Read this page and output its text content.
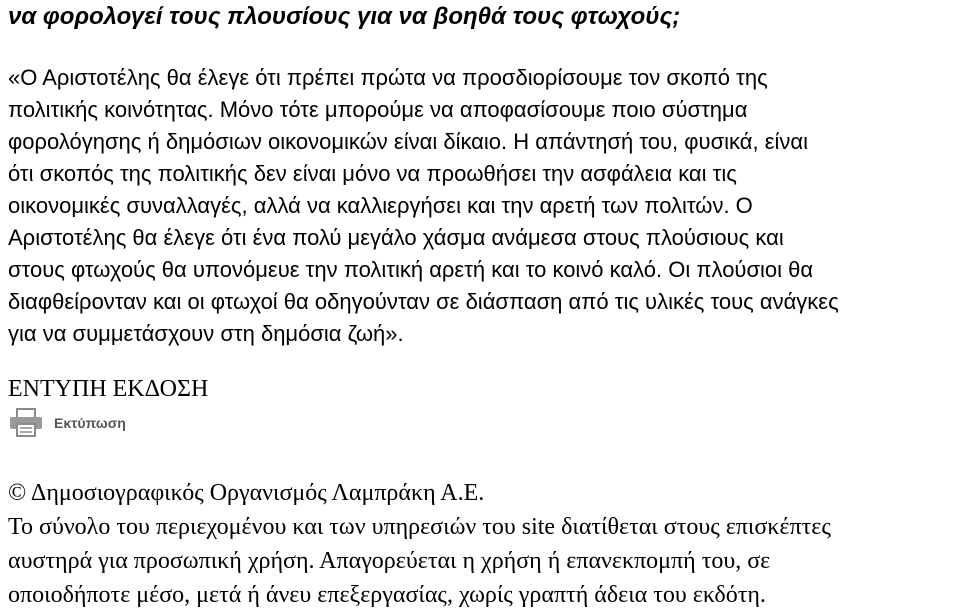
να φορολογεί τους πλουσίους για να βοηθά τους φτωχούς;
«Ο Αριστοτέλης θα έλεγε ότι πρέπει πρώτα να προσδιορίσουμε τον σκοπό της
πολιτικής κοινότητας. Μόνο τότε μπορούμε να αποφασίσουμε ποιο σύστημα
φορολόγησης ή δημόσιων οικονομικών είναι δίκαιο. Η απάντησή του, φυσικά, είναι
ότι σκοπός της πολιτικής δεν είναι μόνο να προωθήσει την ασφάλεια και τις
οικονομικές συναλλαγές, αλλά να καλλιεργήσει και την αρετή των πολιτών. Ο
Αριστοτέλης θα έλεγε ότι ένα πολύ μεγάλο χάσμα ανάμεσα στους πλούσιους και
στους φτωχούς θα υπονόμευε την πολιτική αρετή και το κοινό καλό. Οι πλούσιοι θα
διαφθείρονταν και οι φτωχοί θα οδηγούνταν σε διάσπαση από τις υλικές τους ανάγκες
για να συμμετάσχουν στη δημόσια ζωή».
ΕΝΤΥΠΗ ΕΚΔΟΣΗ
Εκτύπωση
© Δημοσιογραφικός Οργανισμός Λαμπράκη Α.Ε.
Το σύνολο του περιεχομένου και των υπηρεσιών του site διατίθεται στους επισκέπτες
αυστηρά για προσωπική χρήση. Απαγορεύεται η χρήση ή επανεκπομπή του, σε
οποιοδήποτε μέσο, μετά ή άνευ επεξεργασίας, χωρίς γραπτή άδεια του εκδότη.
